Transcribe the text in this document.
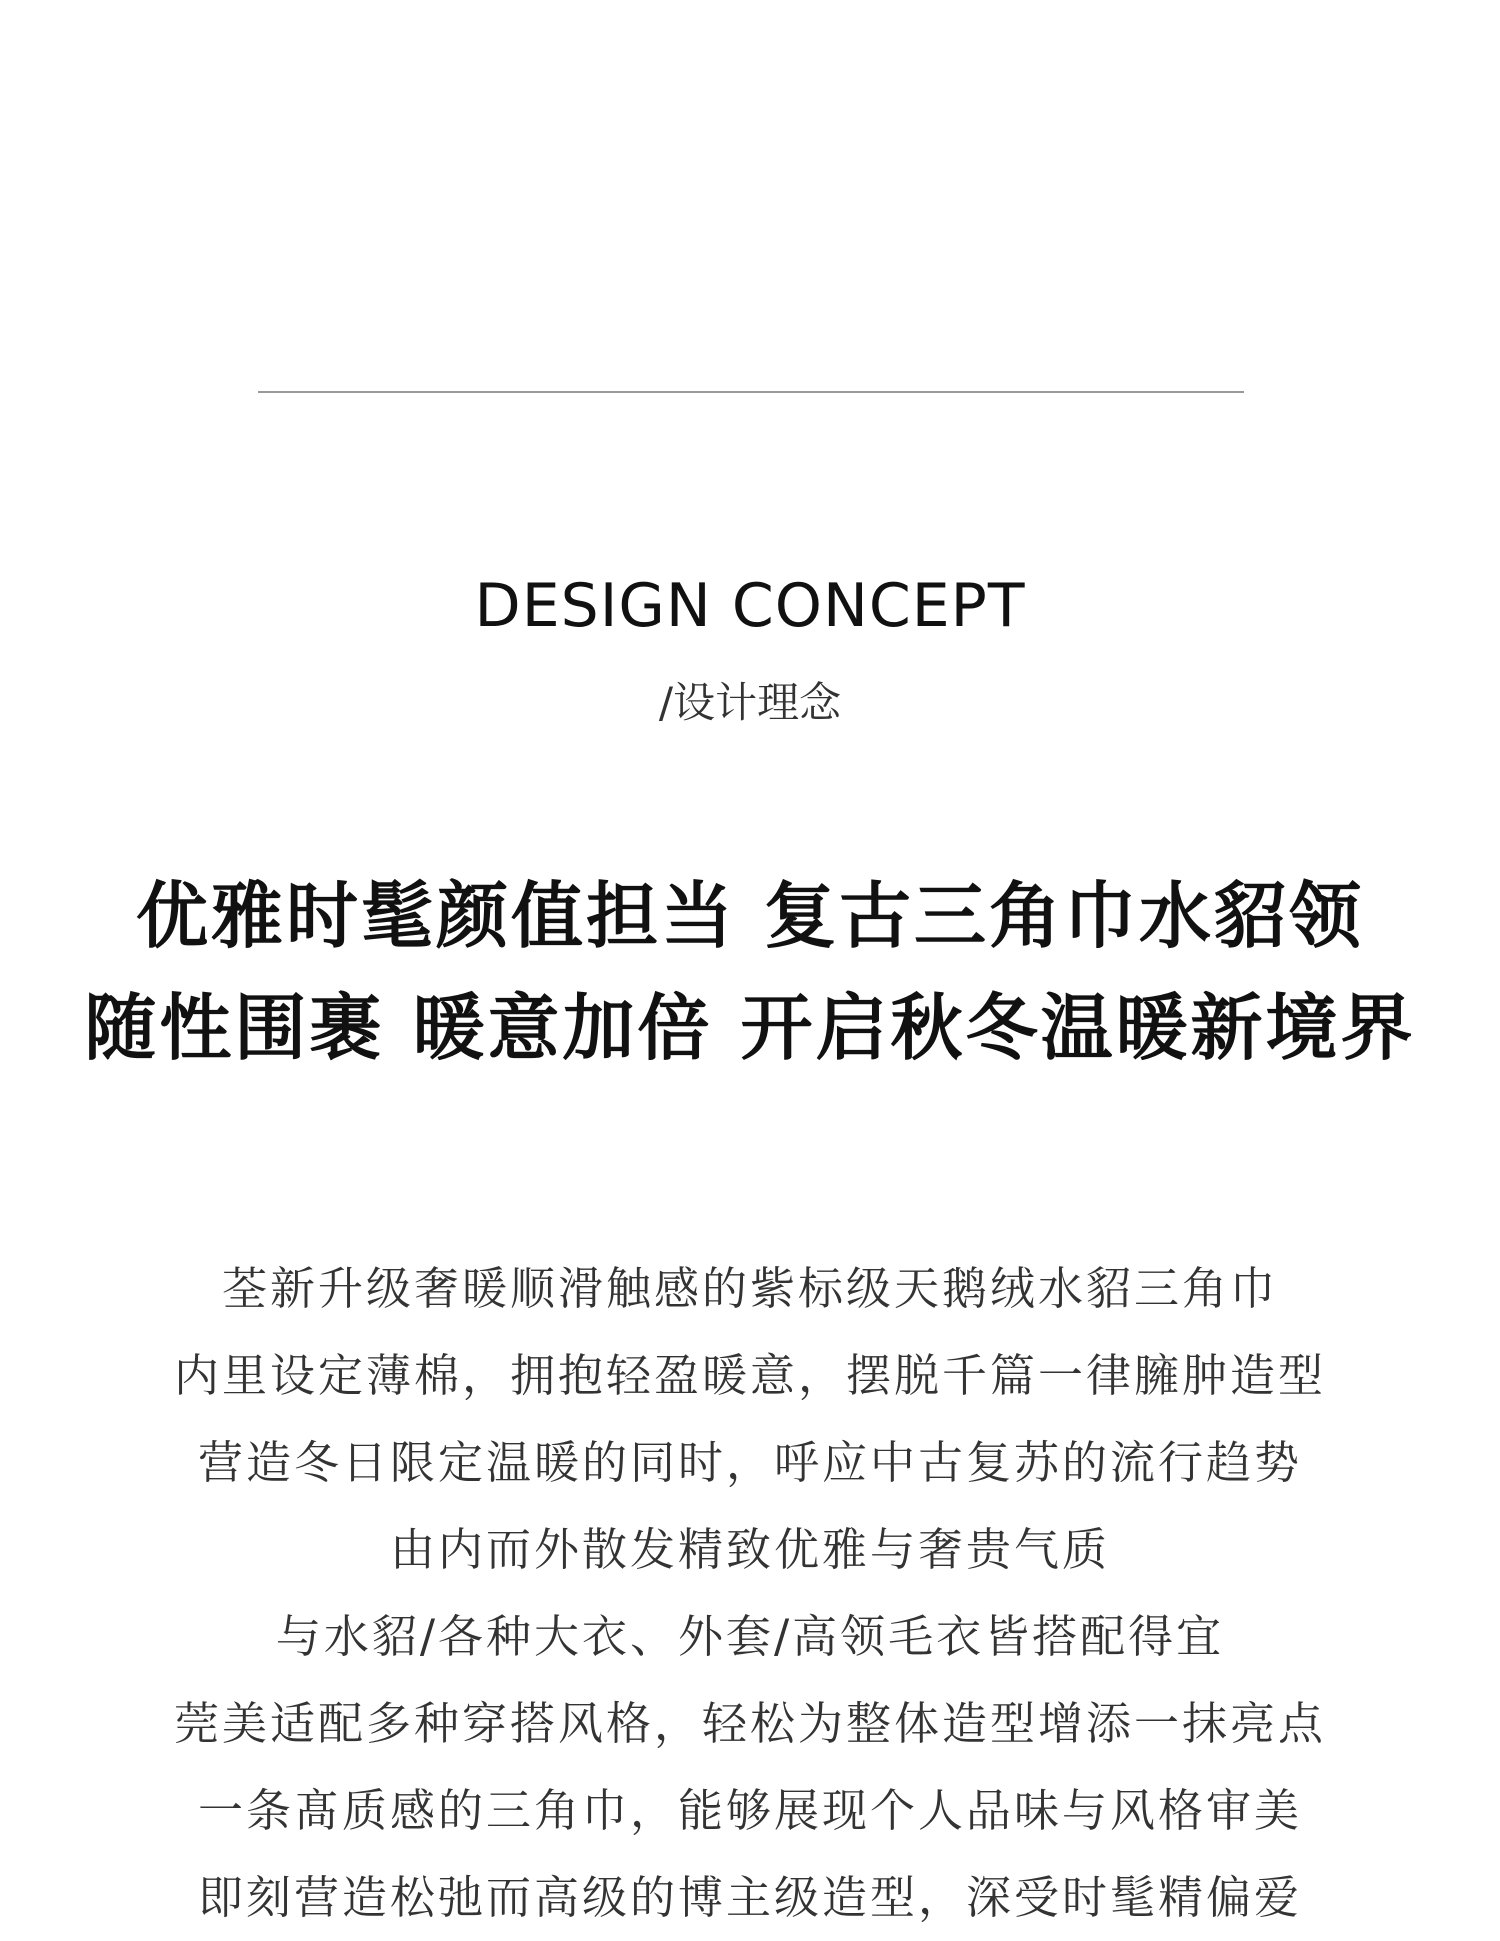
DESIGN CONCEPT
/设计理念
优雅时髦颜值担当 复古三角巾水貂领
随性围裹 暖意加倍 开启秋冬温暖新境界
荃新升级奢暖顺滑触感的紫标级天鹅绒水貂三角巾
内里设定薄棉，拥抱轻盈暖意，摆脱千篇一律臃肿造型
营造冬日限定温暖的同时，呼应中古复苏的流行趋势
由内而外散发精致优雅与奢贵气质
与水貂/各种大衣、外套/高领毛衣皆搭配得宜
莞美适配多种穿搭风格，轻松为整体造型增添一抹亮点
一条髙质感的三角巾，能够展现个人品味与风格审美
即刻营造松弛而高级的博主级造型，深受时髦精偏爱
